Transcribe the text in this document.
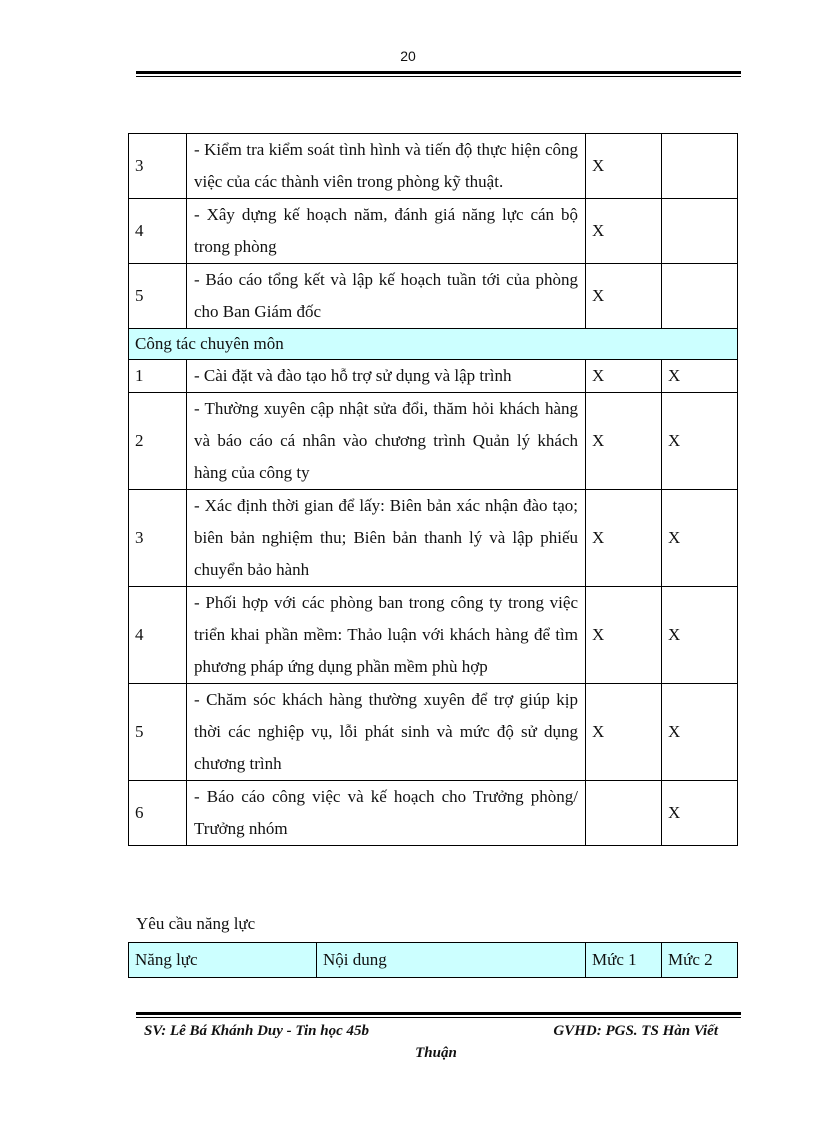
20
3	- Kiểm tra kiểm soát tình hình và tiến độ thực hiện công việc của các thành viên trong phòng kỹ thuật.	X	
4	- Xây dựng kế hoạch năm, đánh giá năng lực cán bộ trong phòng	X	
5	- Báo cáo tổng kết và lập kế hoạch tuần tới của phòng cho Ban Giám đốc	X	
Công tác chuyên môn			
1	- Cài đặt và đào tạo hỗ trợ sử dụng và lập trình	X	X
2	- Thường xuyên cập nhật sửa đổi, thăm hỏi khách hàng và báo cáo cá nhân vào chương trình Quản lý khách hàng của công ty	X	X
3	- Xác định thời gian để lấy: Biên bản xác nhận đào tạo; biên bản nghiệm thu; Biên bản thanh lý và lập phiếu chuyển bảo hành	X	X
4	- Phối hợp với các phòng ban trong công ty trong việc triển khai phần mềm: Thảo luận với khách hàng để tìm phương pháp ứng dụng phần mềm phù hợp	X	X
5	- Chăm sóc khách hàng thường xuyên để trợ giúp kịp thời các nghiệp vụ, lỗi phát sinh và mức độ sử dụng chương trình	X	X
6	- Báo cáo công việc và kế hoạch cho Trưởng phòng/ Trưởng nhóm		X
Yêu cầu năng lực
Năng lực	Nội dung	Mức 1	Mức 2
SV: Lê Bá Khánh Duy - Tin học 45b	GVHD: PGS. TS Hàn Viết
Thuận
